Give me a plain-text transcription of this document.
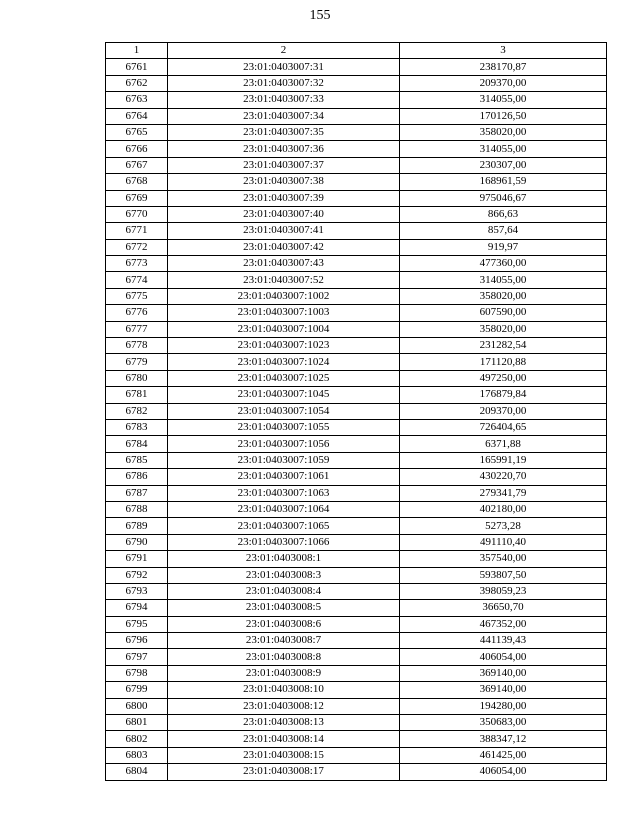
155
1	2	3
6761	23:01:0403007:31	238170,87
6762	23:01:0403007:32	209370,00
6763	23:01:0403007:33	314055,00
6764	23:01:0403007:34	170126,50
6765	23:01:0403007:35	358020,00
6766	23:01:0403007:36	314055,00
6767	23:01:0403007:37	230307,00
6768	23:01:0403007:38	168961,59
6769	23:01:0403007:39	975046,67
6770	23:01:0403007:40	866,63
6771	23:01:0403007:41	857,64
6772	23:01:0403007:42	919,97
6773	23:01:0403007:43	477360,00
6774	23:01:0403007:52	314055,00
6775	23:01:0403007:1002	358020,00
6776	23:01:0403007:1003	607590,00
6777	23:01:0403007:1004	358020,00
6778	23:01:0403007:1023	231282,54
6779	23:01:0403007:1024	171120,88
6780	23:01:0403007:1025	497250,00
6781	23:01:0403007:1045	176879,84
6782	23:01:0403007:1054	209370,00
6783	23:01:0403007:1055	726404,65
6784	23:01:0403007:1056	6371,88
6785	23:01:0403007:1059	165991,19
6786	23:01:0403007:1061	430220,70
6787	23:01:0403007:1063	279341,79
6788	23:01:0403007:1064	402180,00
6789	23:01:0403007:1065	5273,28
6790	23:01:0403007:1066	491110,40
6791	23:01:0403008:1	357540,00
6792	23:01:0403008:3	593807,50
6793	23:01:0403008:4	398059,23
6794	23:01:0403008:5	36650,70
6795	23:01:0403008:6	467352,00
6796	23:01:0403008:7	441139,43
6797	23:01:0403008:8	406054,00
6798	23:01:0403008:9	369140,00
6799	23:01:0403008:10	369140,00
6800	23:01:0403008:12	194280,00
6801	23:01:0403008:13	350683,00
6802	23:01:0403008:14	388347,12
6803	23:01:0403008:15	461425,00
6804	23:01:0403008:17	406054,00
